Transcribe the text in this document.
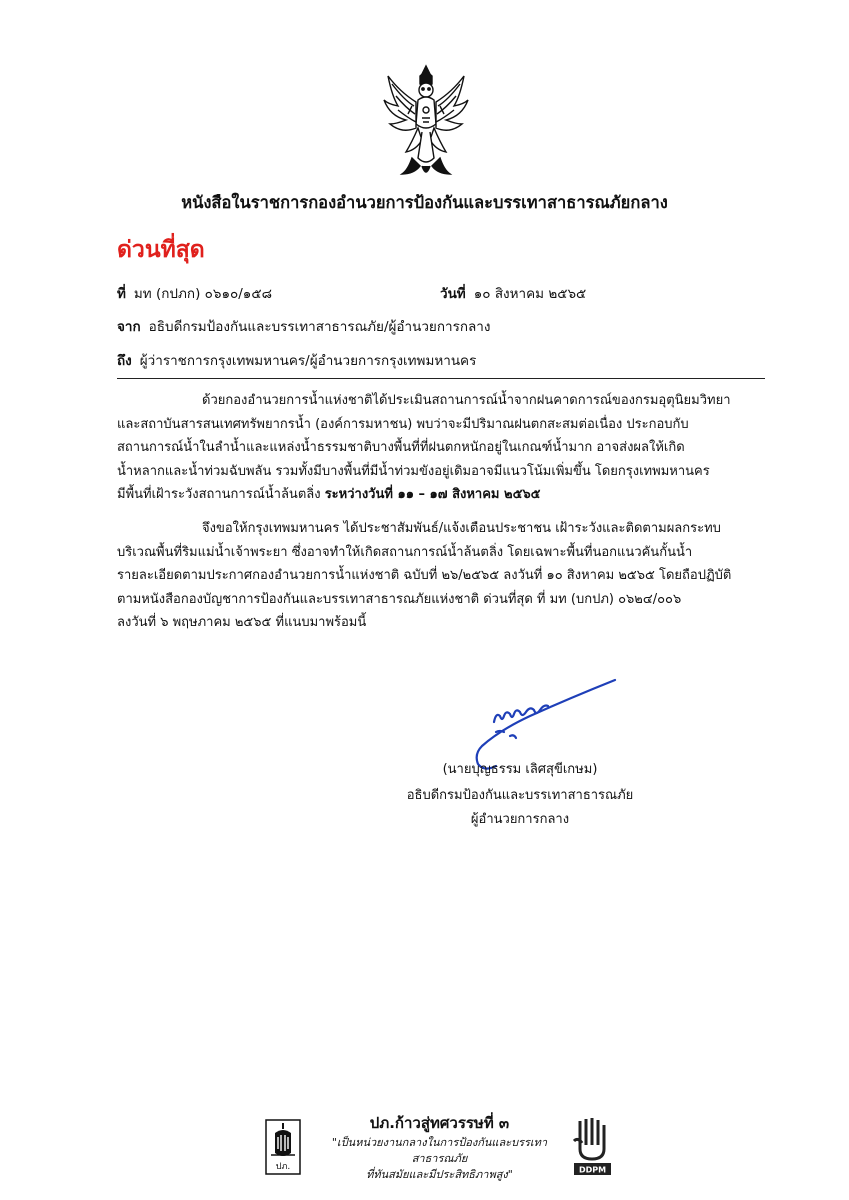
หนังสือในราชการกองอำนวยการป้องกันและบรรเทาสาธารณภัยกลาง
ด่วนที่สุด
ที่ มท (กปภก) ๐๖๑๐/๑๕๘	วันที่ ๑๐ สิงหาคม ๒๕๖๕
จาก อธิบดีกรมป้องกันและบรรเทาสาธารณภัย/ผู้อำนวยการกลาง
ถึง ผู้ว่าราชการกรุงเทพมหานคร/ผู้อำนวยการกรุงเทพมหานคร
ด้วยกองอำนวยการน้ำแห่งชาติได้ประเมินสถานการณ์น้ำจากฝนคาดการณ์ของกรมอุตุนิยมวิทยา
และสถาบันสารสนเทศทรัพยากรน้ำ (องค์การมหาชน) พบว่าจะมีปริมาณฝนตกสะสมต่อเนื่อง ประกอบกับ
สถานการณ์น้ำในลำน้ำและแหล่งน้ำธรรมชาติบางพื้นที่ที่ฝนตกหนักอยู่ในเกณฑ์น้ำมาก อาจส่งผลให้เกิด
น้ำหลากและน้ำท่วมฉับพลัน รวมทั้งมีบางพื้นที่มีน้ำท่วมขังอยู่เดิมอาจมีแนวโน้มเพิ่มขึ้น โดยกรุงเทพมหานคร
มีพื้นที่เฝ้าระวังสถานการณ์น้ำล้นตลิ่ง ระหว่างวันที่ ๑๑ – ๑๗ สิงหาคม ๒๕๖๕
จึงขอให้กรุงเทพมหานคร ได้ประชาสัมพันธ์/แจ้งเตือนประชาชน เฝ้าระวังและติดตามผลกระทบ
บริเวณพื้นที่ริมแม่น้ำเจ้าพระยา ซึ่งอาจทำให้เกิดสถานการณ์น้ำล้นตลิ่ง โดยเฉพาะพื้นที่นอกแนวคันกั้นน้ำ
รายละเอียดตามประกาศกองอำนวยการน้ำแห่งชาติ ฉบับที่ ๒๖/๒๕๖๕ ลงวันที่ ๑๐ สิงหาคม ๒๕๖๕ โดยถือปฏิบัติ
ตามหนังสือกองบัญชาการป้องกันและบรรเทาสาธารณภัยแห่งชาติ ด่วนที่สุด ที่ มท (บกปภ) ๐๖๒๔/๐๐๖
ลงวันที่ ๖ พฤษภาคม ๒๕๖๕ ที่แนบมาพร้อมนี้
(นายบุญธรรม เลิศสุขีเกษม)
อธิบดีกรมป้องกันและบรรเทาสาธารณภัย
ผู้อำนวยการกลาง
ปภ.
ปภ.ก้าวสู่ทศวรรษที่ ๓
"เป็นหน่วยงานกลางในการป้องกันและบรรเทาสาธารณภัย
ที่ทันสมัยและมีประสิทธิภาพสูง"	DDPM
